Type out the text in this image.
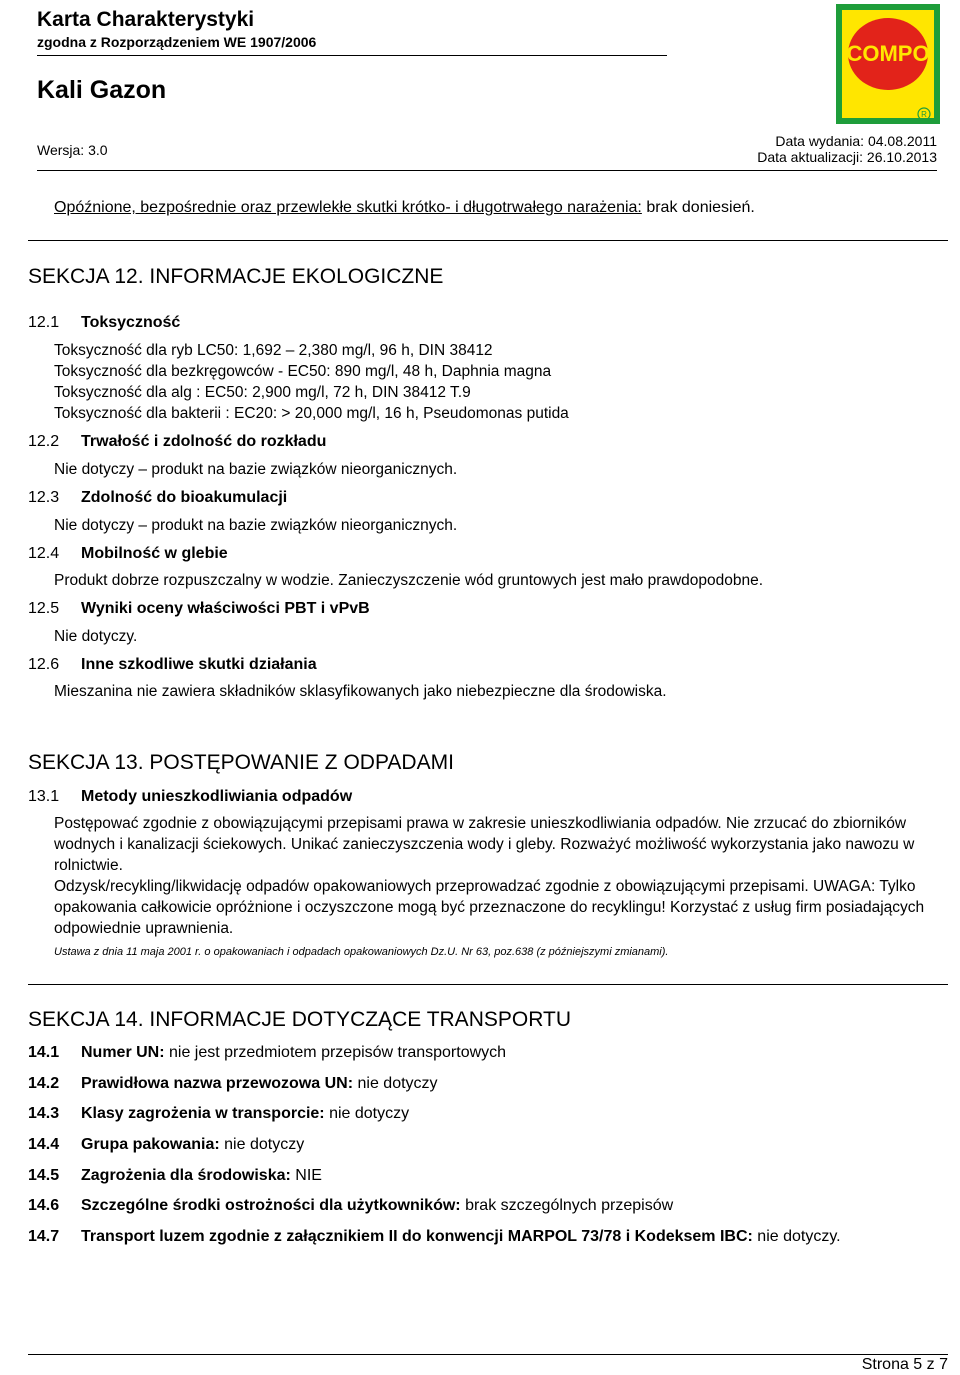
Karta Charakterystyki
zgodna z Rozporządzeniem WE 1907/2006
Kali Gazon
Wersja: 3.0
Data wydania: 04.08.2011
Data aktualizacji: 26.10.2013
COMPO
R
Opóźnione, bezpośrednie oraz przewlekłe skutki krótko- i długotrwałego narażenia: brak doniesień.
SEKCJA 12. INFORMACJE EKOLOGICZNE
12.1 Toksyczność
Toksyczność dla ryb LC50: 1,692 – 2,380 mg/l, 96 h, DIN 38412
Toksyczność dla bezkręgowców - EC50: 890 mg/l, 48 h, Daphnia magna
Toksyczność dla alg : EC50: 2,900 mg/l, 72 h, DIN 38412 T.9
Toksyczność dla bakterii : EC20: > 20,000 mg/l, 16 h, Pseudomonas putida
12.2 Trwałość i zdolność do rozkładu
Nie dotyczy – produkt na bazie związków nieorganicznych.
12.3 Zdolność do bioakumulacji
Nie dotyczy – produkt na bazie związków nieorganicznych.
12.4 Mobilność w glebie
Produkt dobrze rozpuszczalny w wodzie. Zanieczyszczenie wód gruntowych jest mało prawdopodobne.
12.5 Wyniki oceny właściwości PBT i vPvB
Nie dotyczy.
12.6 Inne szkodliwe skutki działania
Mieszanina nie zawiera składników sklasyfikowanych jako niebezpieczne dla środowiska.
SEKCJA 13. POSTĘPOWANIE Z ODPADAMI
13.1 Metody unieszkodliwiania odpadów

Postępować zgodnie z obowiązującymi przepisami prawa w zakresie unieszkodliwiania odpadów. Nie zrzucać do zbiorników wodnych i kanalizacji ściekowych. Unikać zanieczyszczenia wody i gleby. Rozważyć możliwość wykorzystania jako nawozu w rolnictwie.

Odzysk/recykling/likwidację odpadów opakowaniowych przeprowadzać zgodnie z obowiązującymi przepisami. UWAGA: Tylko opakowania całkowicie opróżnione i oczyszczone mogą być przeznaczone do recyklingu! Korzystać z usług firm posiadających odpowiednie uprawnienia.

Ustawa z dnia 11 maja 2001 r. o opakowaniach i odpadach opakowaniowych Dz.U. Nr 63, poz.638 (z późniejszymi zmianami).
SEKCJA 14. INFORMACJE DOTYCZĄCE TRANSPORTU
14.1 Numer UN: nie jest przedmiotem przepisów transportowych
14.2 Prawidłowa nazwa przewozowa UN: nie dotyczy
14.3 Klasy zagrożenia w transporcie: nie dotyczy
14.4 Grupa pakowania: nie dotyczy
14.5 Zagrożenia dla środowiska: NIE
14.6 Szczególne środki ostrożności dla użytkowników: brak szczególnych przepisów
14.7 Transport luzem zgodnie z załącznikiem II do konwencji MARPOL 73/78 i Kodeksem IBC: nie dotyczy.
Strona 5 z 7
